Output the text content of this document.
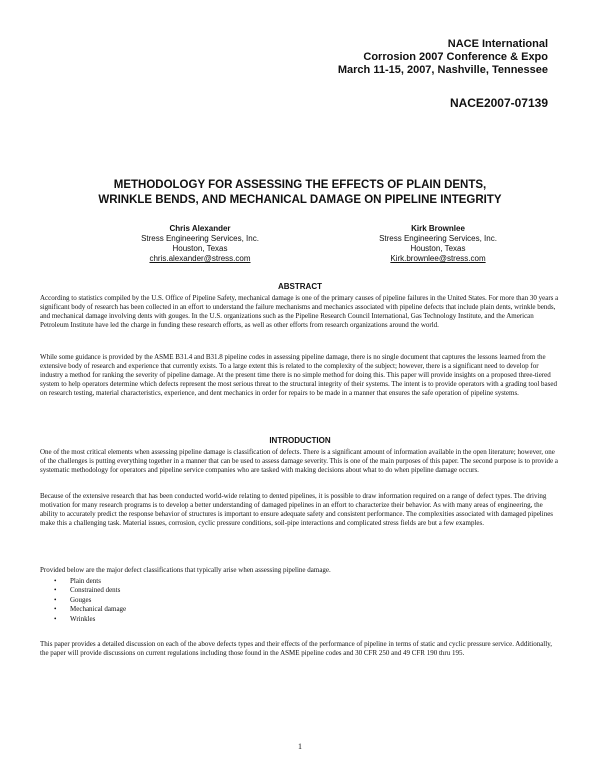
NACE International
Corrosion 2007 Conference & Expo
March 11-15, 2007, Nashville, Tennessee
NACE2007-07139
METHODOLOGY FOR ASSESSING THE EFFECTS OF PLAIN DENTS,
WRINKLE BENDS, AND MECHANICAL DAMAGE ON PIPELINE INTEGRITY
Chris Alexander
Stress Engineering Services, Inc.
Houston, Texas
chris.alexander@stress.com
Kirk Brownlee
Stress Engineering Services, Inc.
Houston, Texas
Kirk.brownlee@stress.com
ABSTRACT

According to statistics compiled by the U.S. Office of Pipeline Safety, mechanical damage is one of the primary causes of pipeline failures in the United States. For more than 30 years a significant body of research has been collected in an effort to understand the failure mechanisms and mechanics associated with pipeline defects that include plain dents, wrinkle bends, and mechanical damage involving dents with gouges. In the U.S. organizations such as the Pipeline Research Council International, Gas Technology Institute, and the American Petroleum Institute have led the charge in funding these research efforts, as well as other efforts from research organizations around the world.

While some guidance is provided by the ASME B31.4 and B31.8 pipeline codes in assessing pipeline damage, there is no single document that captures the lessons learned from the extensive body of research and experience that currently exists. To a large extent this is related to the complexity of the subject; however, there is a significant need to develop for industry a method for ranking the severity of pipeline damage. At the present time there is no simple method for doing this. This paper will provide insights on a proposed three-tiered system to help operators determine which defects represent the most serious threat to the structural integrity of their systems. The intent is to provide operators with a grading tool based on research testing, material characteristics, experience, and dent mechanics in order for repairs to be made in a manner that ensures the safe operation of pipeline systems.

INTRODUCTION

One of the most critical elements when assessing pipeline damage is classification of defects. There is a significant amount of information available in the open literature; however, one of the challenges is putting everything together in a manner that can be used to assess damage severity. This is one of the main purposes of this paper. The second purpose is to provide a systematic methodology for operators and pipeline service companies who are tasked with making decisions about what to do when pipeline damage occurs.

Because of the extensive research that has been conducted world-wide relating to dented pipelines, it is possible to draw information required on a range of defect types. The driving motivation for many research programs is to develop a better understanding of damaged pipelines in an effort to characterize their behavior. As with many areas of engineering, the ability to accurately predict the response behavior of structures is important to ensure adequate safety and consistent performance. The complexities associated with damaged pipelines make this a challenging task. Material issues, corrosion, cyclic pressure conditions, soil-pipe interactions and complicated stress fields are but a few examples.

Provided below are the major defect classifications that typically arise when assessing pipeline damage.

• Plain dents
• Constrained dents
• Gouges
• Mechanical damage
• Wrinkles

This paper provides a detailed discussion on each of the above defects types and their effects of the performance of pipeline in terms of static and cyclic pressure service. Additionally, the paper will provide discussions on current regulations including those found in the ASME pipeline codes and 30 CFR 250 and 49 CFR 190 thru 195.

1
